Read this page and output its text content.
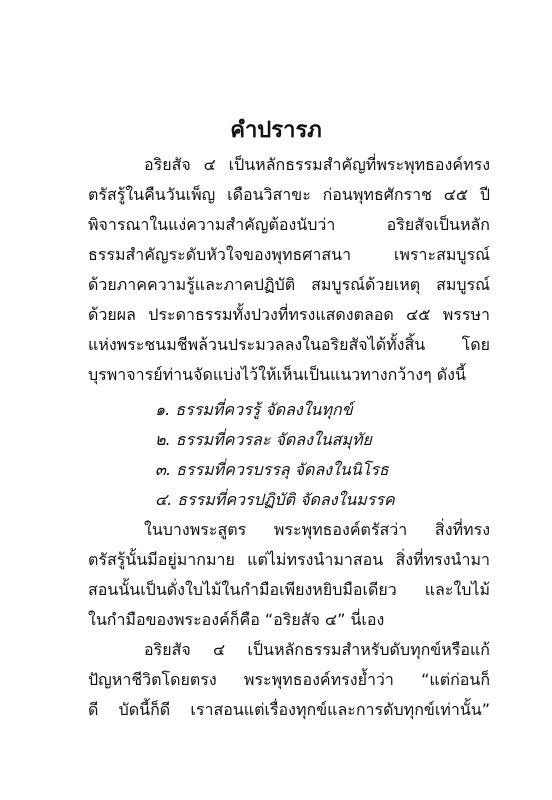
คำปรารภ
อริยสัจ ๔ เป็นหลักธรรมสำคัญที่พระพุทธองค์ทรง
ตรัสรู้ในคืนวันเพ็ญ เดือนวิสาขะ ก่อนพุทธศักราช ๔๕ ปี
พิจารณาในแง่ความสำคัญต้องนับว่า อริยสัจเป็นหลัก
ธรรมสำคัญระดับหัวใจของพุทธศาสนา เพราะสมบูรณ์
ด้วยภาคความรู้และภาคปฏิบัติ สมบูรณ์ด้วยเหตุ สมบูรณ์
ด้วยผล ประดาธรรมทั้งปวงที่ทรงแสดงตลอด ๔๕ พรรษา
แห่งพระชนมชีพล้วนประมวลลงในอริยสัจได้ทั้งสิ้น โดย
บุรพาจารย์ท่านจัดแบ่งไว้ให้เห็นเป็นแนวทางกว้างๆ ดังนี้
๑. ธรรมที่ควรรู้ จัดลงในทุกข์
๒. ธรรมที่ควรละ จัดลงในสมุทัย
๓. ธรรมที่ควรบรรลุ จัดลงในนิโรธ
๔. ธรรมที่ควรปฏิบัติ จัดลงในมรรค
ในบางพระสูตร พระพุทธองค์ตรัสว่า สิ่งที่ทรง
ตรัสรู้นั้นมีอยู่มากมาย แต่ไม่ทรงนำมาสอน สิ่งที่ทรงนำมา
สอนนั้นเป็นดั่งใบไม้ในกำมือเพียงหยิบมือเดียว และใบไม้
ในกำมือของพระองค์ก็คือ “อริยสัจ ๔” นี่เอง
อริยสัจ ๔ เป็นหลักธรรมสำหรับดับทุกข์หรือแก้
ปัญหาชีวิตโดยตรง พระพุทธองค์ทรงย้ำว่า “แต่ก่อนก็
ดี บัดนี้ก็ดี เราสอนแต่เรื่องทุกข์และการดับทุกข์เท่านั้น”
